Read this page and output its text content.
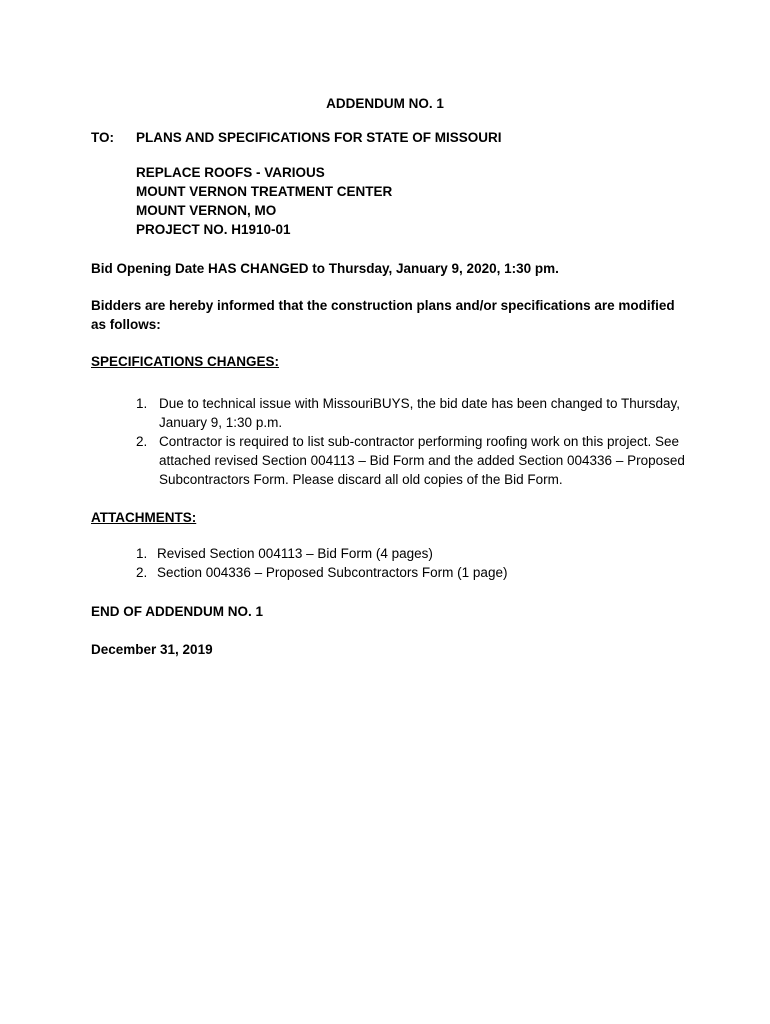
ADDENDUM NO. 1
TO: PLANS AND SPECIFICATIONS FOR STATE OF MISSOURI
REPLACE ROOFS - VARIOUS
MOUNT VERNON TREATMENT CENTER
MOUNT VERNON, MO
PROJECT NO. H1910-01
Bid Opening Date HAS CHANGED to Thursday, January 9, 2020, 1:30 pm.
Bidders are hereby informed that the construction plans and/or specifications are modified as follows:
SPECIFICATIONS CHANGES:
1. Due to technical issue with MissouriBUYS, the bid date has been changed to Thursday, January 9, 1:30 p.m.
2. Contractor is required to list sub-contractor performing roofing work on this project. See attached revised Section 004113 – Bid Form and the added Section 004336 – Proposed Subcontractors Form. Please discard all old copies of the Bid Form.
ATTACHMENTS:
1. Revised Section 004113 – Bid Form (4 pages)
2. Section 004336 – Proposed Subcontractors Form (1 page)
END OF ADDENDUM NO. 1
December 31, 2019
